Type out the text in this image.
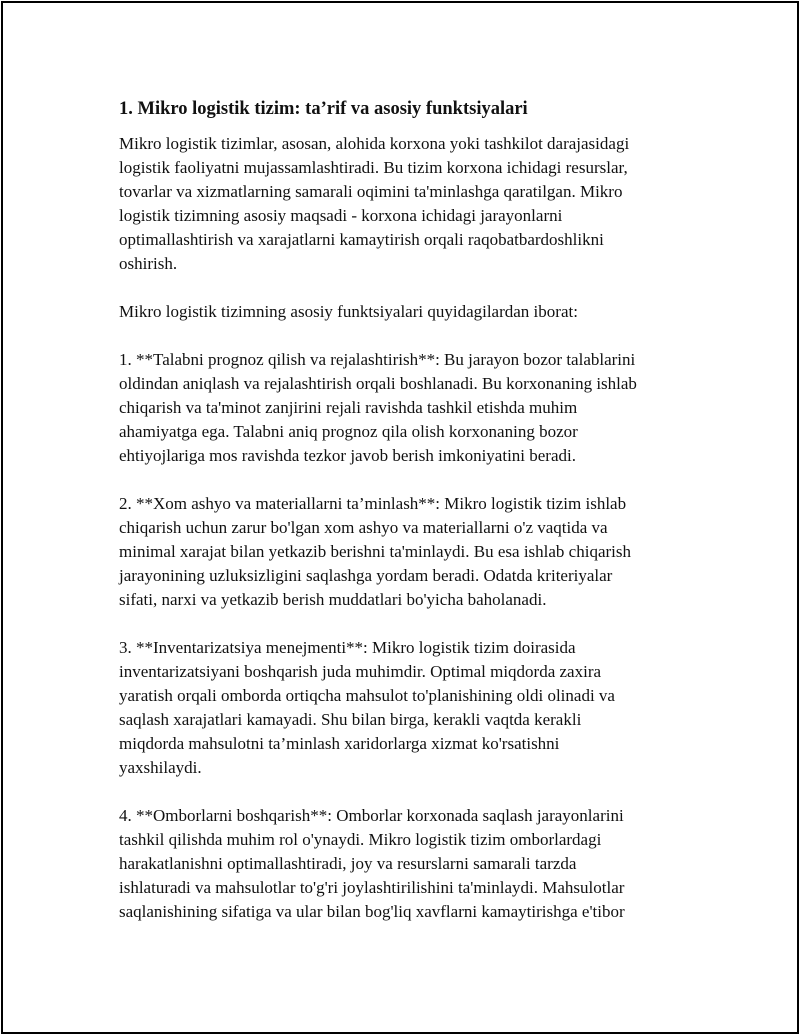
1. Mikro logistik tizim: ta’rif va asosiy funktsiyalari

Mikro logistik tizimlar, asosan, alohida korxona yoki tashkilot darajasidagi
logistik faoliyatni mujassamlashtiradi. Bu tizim korxona ichidagi resurslar,
tovarlar va xizmatlarning samarali oqimini ta'minlashga qaratilgan. Mikro
logistik tizimning asosiy maqsadi - korxona ichidagi jarayonlarni
optimallashtirish va xarajatlarni kamaytirish orqali raqobatbardoshlikni
oshirish.

Mikro logistik tizimning asosiy funktsiyalari quyidagilardan iborat:

1. **Talabni prognoz qilish va rejalashtirish**: Bu jarayon bozor talablarini
oldindan aniqlash va rejalashtirish orqali boshlanadi. Bu korxonaning ishlab
chiqarish va ta'minot zanjirini rejali ravishda tashkil etishda muhim
ahamiyatga ega. Talabni aniq prognoz qila olish korxonaning bozor
ehtiyojlariga mos ravishda tezkor javob berish imkoniyatini beradi.

2. **Xom ashyo va materiallarni ta’minlash**: Mikro logistik tizim ishlab
chiqarish uchun zarur bo'lgan xom ashyo va materiallarni o'z vaqtida va
minimal xarajat bilan yetkazib berishni ta'minlaydi. Bu esa ishlab chiqarish
jarayonining uzluksizligini saqlashga yordam beradi. Odatda kriteriyalar
sifati, narxi va yetkazib berish muddatlari bo'yicha baholanadi.

3. **Inventarizatsiya menejmenti**: Mikro logistik tizim doirasida
inventarizatsiyani boshqarish juda muhimdir. Optimal miqdorda zaxira
yaratish orqali omborda ortiqcha mahsulot to'planishining oldi olinadi va
saqlash xarajatlari kamayadi. Shu bilan birga, kerakli vaqtda kerakli
miqdorda mahsulotni ta’minlash xaridorlarga xizmat ko'rsatishni
yaxshilaydi.

4. **Omborlarni boshqarish**: Omborlar korxonada saqlash jarayonlarini
tashkil qilishda muhim rol o'ynaydi. Mikro logistik tizim omborlardagi
harakatlanishni optimallashtiradi, joy va resurslarni samarali tarzda
ishlaturadi va mahsulotlar to'g'ri joylashtirilishini ta'minlaydi. Mahsulotlar
saqlanishining sifatiga va ular bilan bog'liq xavflarni kamaytirishga e'tibor
